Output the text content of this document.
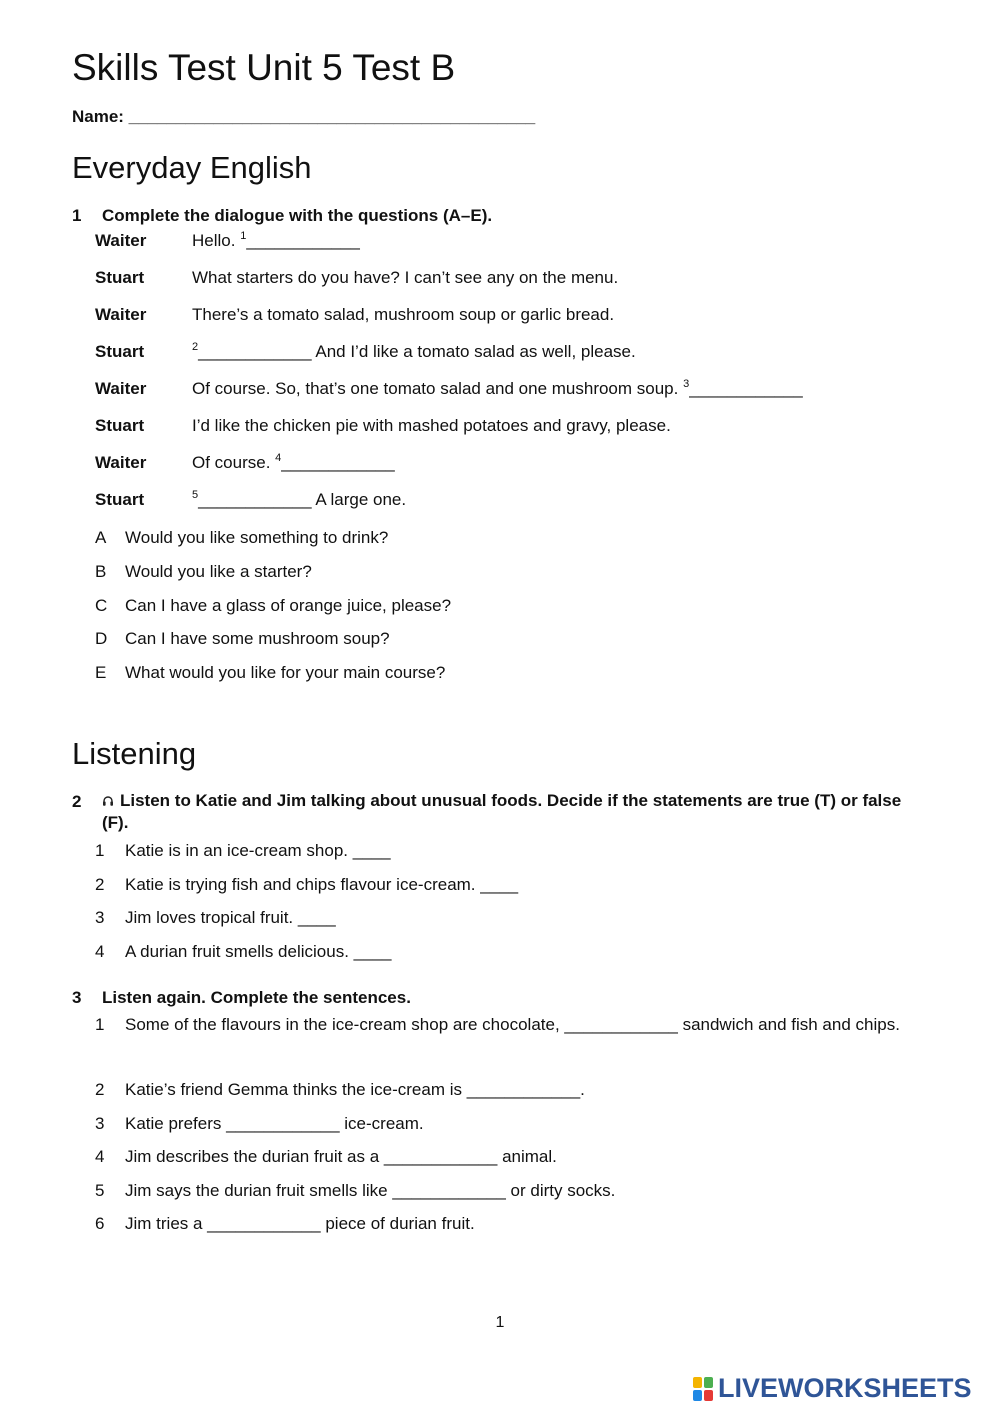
Skills Test Unit 5 Test B
Name: ___________________________________________
Everyday English
1 Complete the dialogue with the questions (A–E).
Waiter	Hello. $^1$____________
Stuart	What starters do you have? I can’t see any on the menu.
Waiter	There’s a tomato salad, mushroom soup or garlic bread.
Stuart	$^2$____________ And I’d like a tomato salad as well, please.
Waiter	Of course. So, that’s one tomato salad and one mushroom soup. $^3$____________
Stuart	I’d like the chicken pie with mashed potatoes and gravy, please.
Waiter	Of course. $^4$____________
Stuart	$^5$____________ A large one.
A Would you like something to drink?
B Would you like a starter?
C Can I have a glass of orange juice, please?
D Can I have some mushroom soup?
E What would you like for your main course?
Listening
2	Listen to Katie and Jim talking about unusual foods. Decide if the statements are true (T) or false (F).
1 Katie is in an ice-cream shop. ____
2 Katie is trying fish and chips flavour ice-cream. ____
3 Jim loves tropical fruit. ____
4 A durian fruit smells delicious. ____
3 Listen again. Complete the sentences.
1 Some of the flavours in the ice-cream shop are chocolate, ____________ sandwich and fish and chips.
2 Katie’s friend Gemma thinks the ice-cream is ____________.
3 Katie prefers ____________ ice-cream.
4 Jim describes the durian fruit as a ____________ animal.
5 Jim says the durian fruit smells like ____________ or dirty socks.
6 Jim tries a ____________ piece of durian fruit.
1
LIVEWORKSHEETS
